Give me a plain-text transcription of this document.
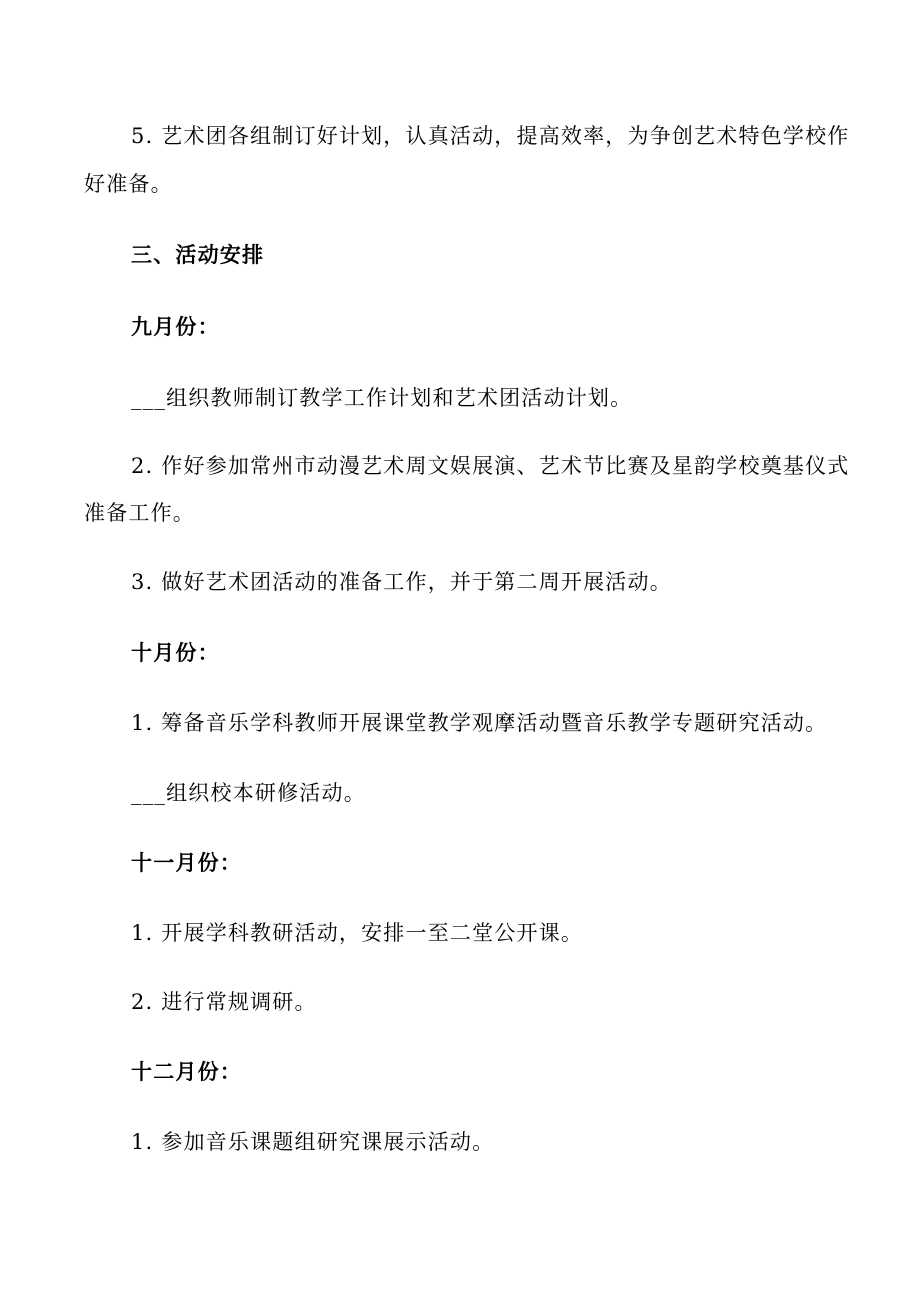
5. 艺术团各组制订好计划，认真活动，提高效率，为争创艺术特色学校作
好准备。
三、活动安排
九月份：
___组织教师制订教学工作计划和艺术团活动计划。
2. 作好参加常州市动漫艺术周文娱展演、艺术节比赛及星韵学校奠基仪式
准备工作。
3. 做好艺术团活动的准备工作，并于第二周开展活动。
十月份：
1. 筹备音乐学科教师开展课堂教学观摩活动暨音乐教学专题研究活动。
___组织校本研修活动。
十一月份：
1. 开展学科教研活动，安排一至二堂公开课。
2. 进行常规调研。
十二月份：
1. 参加音乐课题组研究课展示活动。
